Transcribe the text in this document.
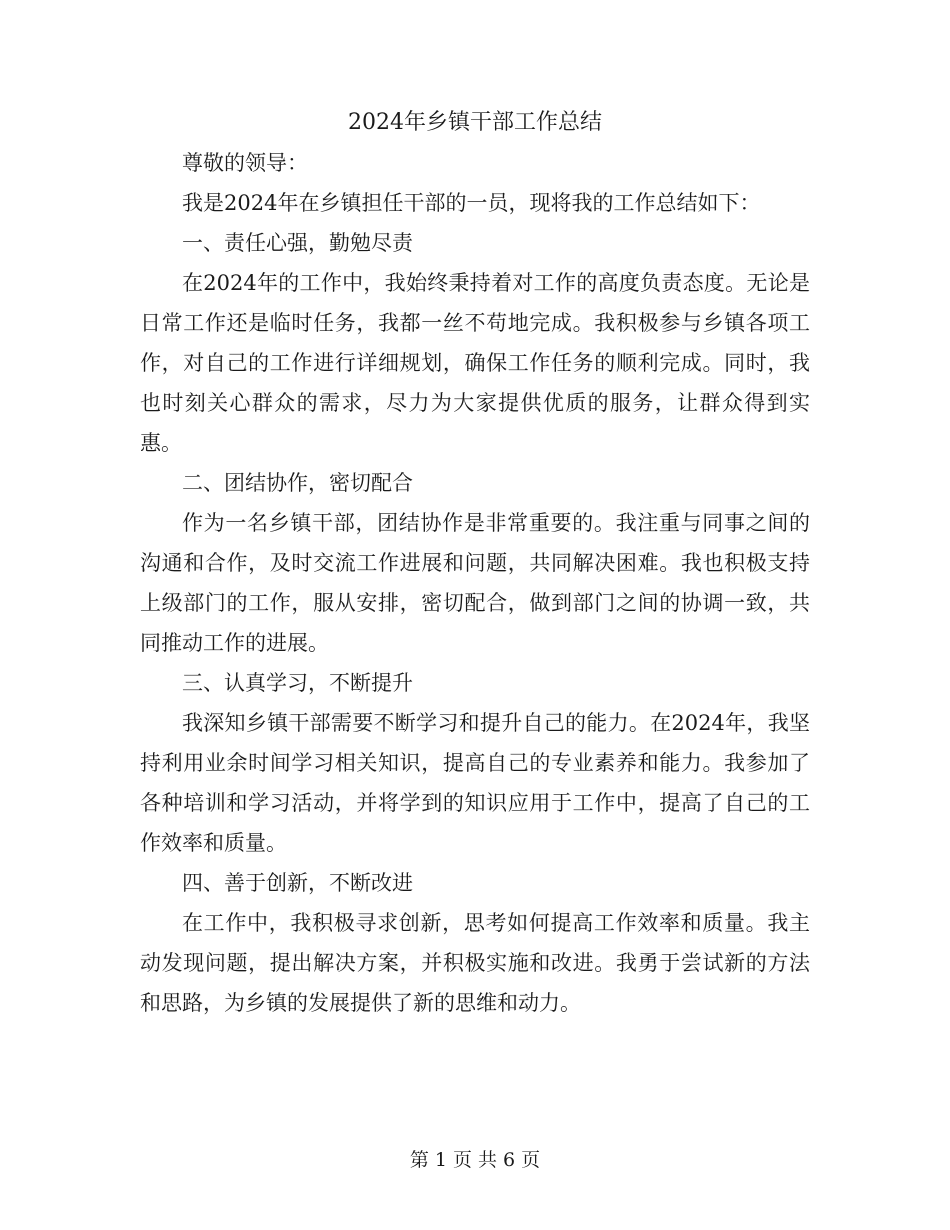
2024年乡镇干部工作总结

尊敬的领导：

我是2024年在乡镇担任干部的一员，现将我的工作总结如下：

一、责任心强，勤勉尽责

在2024年的工作中，我始终秉持着对工作的高度负责态度。无论是日常工作还是临时任务，我都一丝不苟地完成。我积极参与乡镇各项工作，对自己的工作进行详细规划，确保工作任务的顺利完成。同时，我也时刻关心群众的需求，尽力为大家提供优质的服务，让群众得到实惠。

二、团结协作，密切配合

作为一名乡镇干部，团结协作是非常重要的。我注重与同事之间的沟通和合作，及时交流工作进展和问题，共同解决困难。我也积极支持上级部门的工作，服从安排，密切配合，做到部门之间的协调一致，共同推动工作的进展。

三、认真学习，不断提升

我深知乡镇干部需要不断学习和提升自己的能力。在2024年，我坚持利用业余时间学习相关知识，提高自己的专业素养和能力。我参加了各种培训和学习活动，并将学到的知识应用于工作中，提高了自己的工作效率和质量。

四、善于创新，不断改进

在工作中，我积极寻求创新，思考如何提高工作效率和质量。我主动发现问题，提出解决方案，并积极实施和改进。我勇于尝试新的方法和思路，为乡镇的发展提供了新的思维和动力。

第 1 页 共 6 页
